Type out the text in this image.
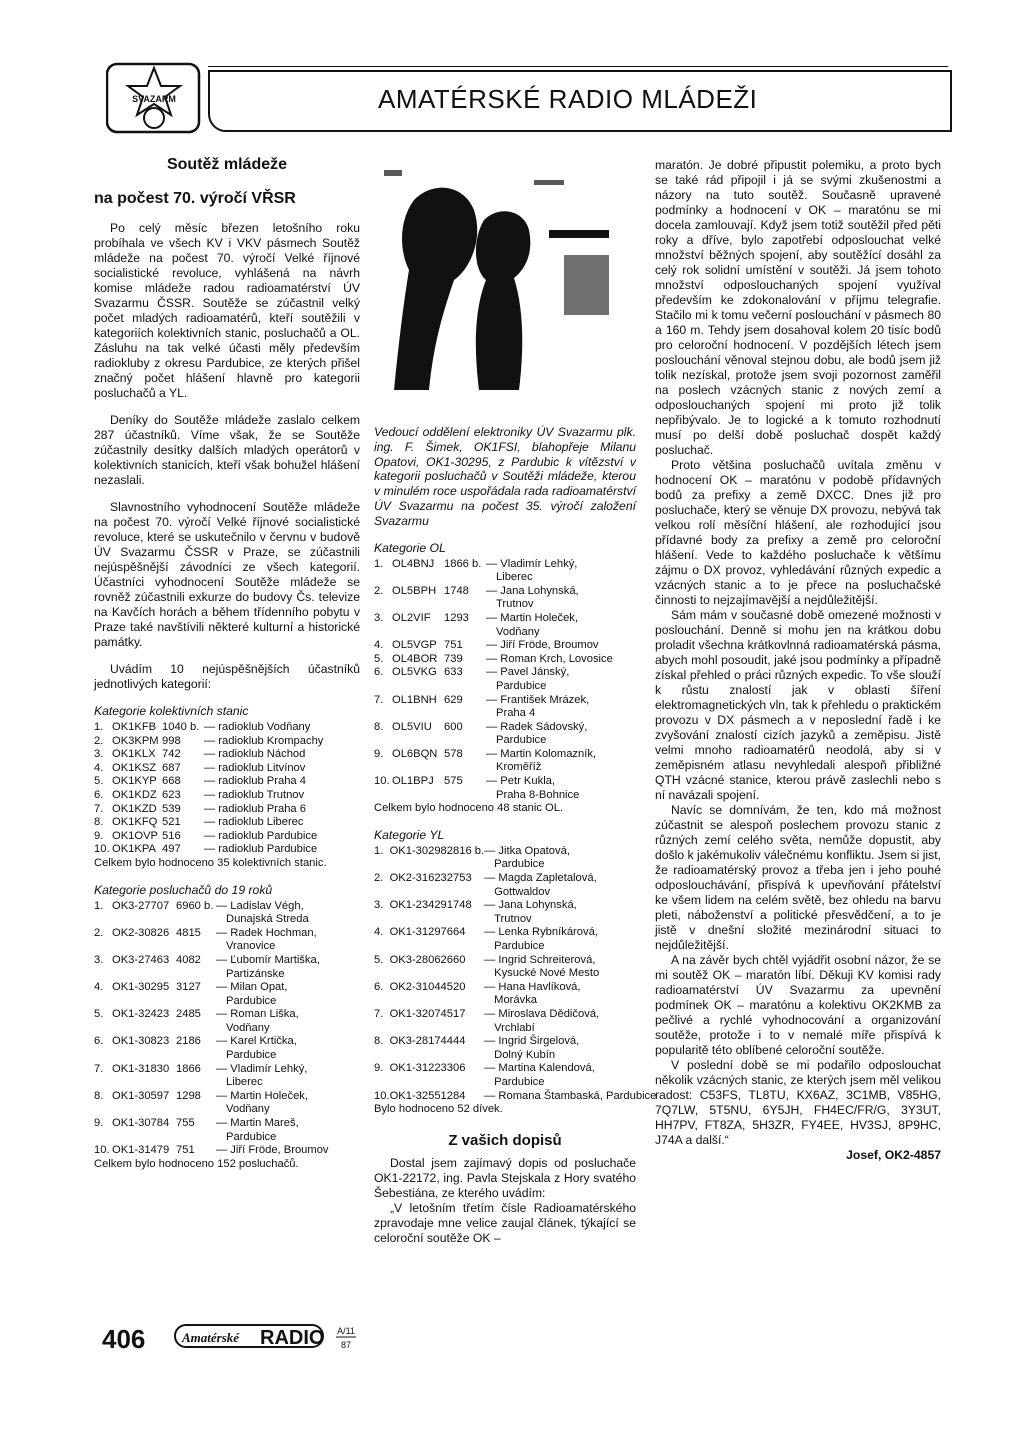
SVAZARM	AMATÉRSKÉ RADIO MLÁDEŽI
Soutěž mládeže
na počest 70. výročí VŘSR

Po celý měsíc březen letošního roku probíhala ve všech KV i VKV pásmech Soutěž mládeže na počest 70. výročí Velké říjnové socialistické revoluce, vyhlášená na návrh komise mládeže radou radioamatérství ÚV Svazarmu ČSSR. Soutěže se zúčastnil velký počet mladých radioamatérů, kteří soutěžili v kategoriích kolektivních stanic, posluchačů a OL. Zásluhu na tak velké účasti měly především radiokluby z okresu Pardubice, ze kterých přišel značný počet hlášení hlavně pro kategorii posluchačů a YL.

Deníky do Soutěže mládeže zaslalo celkem 287 účastníků. Víme však, že se Soutěže zúčastnily desítky dalších mladých operátorů v kolektivních stanicích, kteří však bohužel hlášení nezaslali.

Slavnostního vyhodnocení Soutěže mládeže na počest 70. výročí Velké říjnové socialistické revoluce, které se uskutečnilo v červnu v budově ÚV Svazarmu ČSSR v Praze, se zúčastnili nejúspěšnější závodníci ze všech kategorií. Účastníci vyhodnocení Soutěže mládeže se rovněž zúčastnili exkurze do budovy Čs. televize na Kavčích horách a během třídenního pobytu v Praze také navštívili některé kulturní a historické památky.

Uvádím 10 nejúspěšnějších účastníků jednotlivých kategorií:

Kategorie kolektivních stanic
1.	OK1KFB	1040 b.	— radioklub Vodňany
2.	OK3KPM	998	— radioklub Krompachy
3.	OK1KLX	742	— radioklub Náchod
4.	OK1KSZ	687	— radioklub Litvínov
5.	OK1KYP	668	— radioklub Praha 4
6.	OK1KDZ	623	— radioklub Trutnov
7.	OK1KZD	539	— radioklub Praha 6
8.	OK1KFQ	521	— radioklub Liberec
9.	OK1OVP	516	— radioklub Pardubice
10.	OK1KPA	497	— radioklub Pardubice
Celkem bylo hodnoceno 35 kolektivních stanic.
Kategorie posluchačů do 19 roků
1.	OK3-27707	6960 b.	— Ladislav Végh,
			Dunajská Streda
2.	OK2-30826	4815	— Radek Hochman,
			Vranovice
3.	OK3-27463	4082	— Ľubomír Martiška,
			Partizánske
4.	OK1-30295	3127	— Milan Opat,
			Pardubice
5.	OK1-32423	2485	— Roman Liška,
			Vodňany
6.	OK1-30823	2186	— Karel Krtička,
			Pardubice
7.	OK1-31830	1866	— Vladimír Lehký,
			Liberec
8.	OK1-30597	1298	— Martin Holeček,
			Vodňany
9.	OK1-30784	755	— Martin Mareš,
			Pardubice
10.	OK1-31479	751	— Jiří Fröde, Broumov
Celkem bylo hodnoceno 152 posluchačů.

Vedoucí oddělení elektroniky ÚV Svazarmu plk. ing. F. Šimek, OK1FSI, blahopřeje Milanu Opatovi, OK1-30295, z Pardubic k vítězství v kategorii posluchačů v Soutěži mládeže, kterou v minulém roce uspořádala rada radioamatérství ÚV Svazarmu na počest 35. výročí založení Svazarmu

Kategorie OL
1.	OL4BNJ	1866 b.	— Vladimír Lehký,
			Liberec
2.	OL5BPH	1748	— Jana Lohynská,
			Trutnov
3.	OL2VIF	1293	— Martin Holeček,
			Vodňany
4.	OL5VGP	751	— Jiří Fröde, Broumov
5.	OL4BOR	739	— Roman Krch, Lovosice
6.	OL5VKG	633	— Pavel Jánský,
			Pardubice
7.	OL1BNH	629	— František Mrázek,
			Praha 4
8.	OL5VIU	600	— Radek Sádovský,
			Pardubice
9.	OL6BQN	578	— Martin Kolomazník,
			Kroměříž
10.	OL1BPJ	575	— Petr Kukla,
			Praha 8-Bohnice
Celkem bylo hodnoceno 48 stanic OL.
Kategorie YL
1.	OK1-30298	2816 b.	— Jitka Opatová,
			Pardubice
2.	OK2-31623	2753	— Magda Zapletalová,
			Gottwaldov
3.	OK1-23429	1748	— Jana Lohynská,
			Trutnov
4.	OK1-31297	664	— Lenka Rybníkárová,
			Pardubice
5.	OK3-28062	660	— Ingrid Schreiterová,
			Kysucké Nové Mesto
6.	OK2-31044	520	— Hana Havlíková,
			Morávka
7.	OK1-32074	517	— Miroslava Dědičová,
			Vrchlabí
8.	OK3-28174	444	— Ingrid Širgelová,
			Dolný Kubín
9.	OK1-31223	306	— Martina Kalendová,
			Pardubice
10.	OK1-32551	284	— Romana Štambaská, Pardubice
Bylo hodnoceno 52 dívek.
Z vašich dopisů

Dostal jsem zajímavý dopis od posluchače OK1-22172, ing. Pavla Stejskala z Hory svatého Šebestiána, ze kterého uvádím:

„V letošním třetím čísle Radioamatérského zpravodaje mne velice zaujal článek, týkající se celoroční soutěže OK –

maratón. Je dobré připustit polemiku, a proto bych se také rád připojil i já se svými zkušenostmi a názory na tuto soutěž. Současně upravené podmínky a hodnocení v OK – maratónu se mi docela zamlouvají. Když jsem totiž soutěžil před pěti roky a dříve, bylo zapotřebí odposlouchat velké množství běžných spojení, aby soutěžící dosáhl za celý rok solidní umístění v soutěži. Já jsem tohoto množství odposlouchaných spojení využíval především ke zdokonalování v příjmu telegrafie. Stačilo mi k tomu večerní poslouchání v pásmech 80 a 160 m. Tehdy jsem dosahoval kolem 20 tisíc bodů pro celoroční hodnocení. V pozdějších létech jsem poslouchání věnoval stejnou dobu, ale bodů jsem již tolik nezískal, protože jsem svoji pozornost zaměřil na poslech vzácných stanic z nových zemí a odposlouchaných spojení mi proto již tolik nepřibývalo. Je to logické a k tomuto rozhodnutí musí po delší době posluchač dospět každý posluchač.

Proto většina posluchačů uvítala změnu v hodnocení OK – maratónu v podobě přídavných bodů za prefixy a země DXCC. Dnes již pro posluchače, který se věnuje DX provozu, nebývá tak velkou rolí měsíční hlášení, ale rozhodující jsou přídavné body za prefixy a země pro celoroční hlášení. Vede to každého posluchače k většímu zájmu o DX provoz, vyhledávání různých expedic a vzácných stanic a to je přece na posluchačské činnosti to nejzajímavější a nejdůležitější.

Sám mám v současné době omezené možnosti v poslouchání. Denně si mohu jen na krátkou dobu proladit všechna krátkovlnná radioamatérská pásma, abych mohl posoudit, jaké jsou podmínky a případně získal přehled o práci různých expedic. To vše slouží k růstu znalostí jak v oblasti šíření elektromagnetických vln, tak k přehledu o praktickém provozu v DX pásmech a v neposlední řadě i ke zvyšování znalostí cizích jazyků a zeměpisu. Jistě velmi mnoho radioamatérů neodolá, aby si v zeměpisném atlasu nevyhledali alespoň přibližné QTH vzácné stanice, kterou právě zaslechli nebo s ní navázali spojení.

Navíc se domnívám, že ten, kdo má možnost zúčastnit se alespoň poslechem provozu stanic z různých zemí celého světa, nemůže dopustit, aby došlo k jakémukoliv válečnému konfliktu. Jsem si jist, že radioamatérský provoz a třeba jen i jeho pouhé odposlouchávání, přispívá k upevňování přátelství ke všem lidem na celém světě, bez ohledu na barvu pleti, náboženství a politické přesvědčení, a to je jistě v dnešní složité mezinárodní situaci to nejdůležitější.

A na závěr bych chtěl vyjádřit osobní názor, že se mi soutěž OK – maratón líbí. Děkuji KV komisi rady radioamatérství ÚV Svazarmu za upevnění podmínek OK – maratónu a kolektivu OK2KMB za pečlivé a rychlé vyhodnocování a organizování soutěže, protože i to v nemalé míře přispívá k popularitě této oblíbené celoroční soutěže.

V poslední době se mi podařilo odposlouchat několik vzácných stanic, ze kterých jsem měl velikou radost: C53FS, TL8TU, KX6AZ, 3C1MB, V85HG, 7Q7LW, 5T5NU, 6Y5JH, FH4EC/FR/G, 3Y3UT, HH7PV, FT8ZA, 5H3ZR, FY4EE, HV3SJ, 8P9HC, J74A a další.“

Josef, OK2-4857
406	Amatérské RADIO A/11
87
